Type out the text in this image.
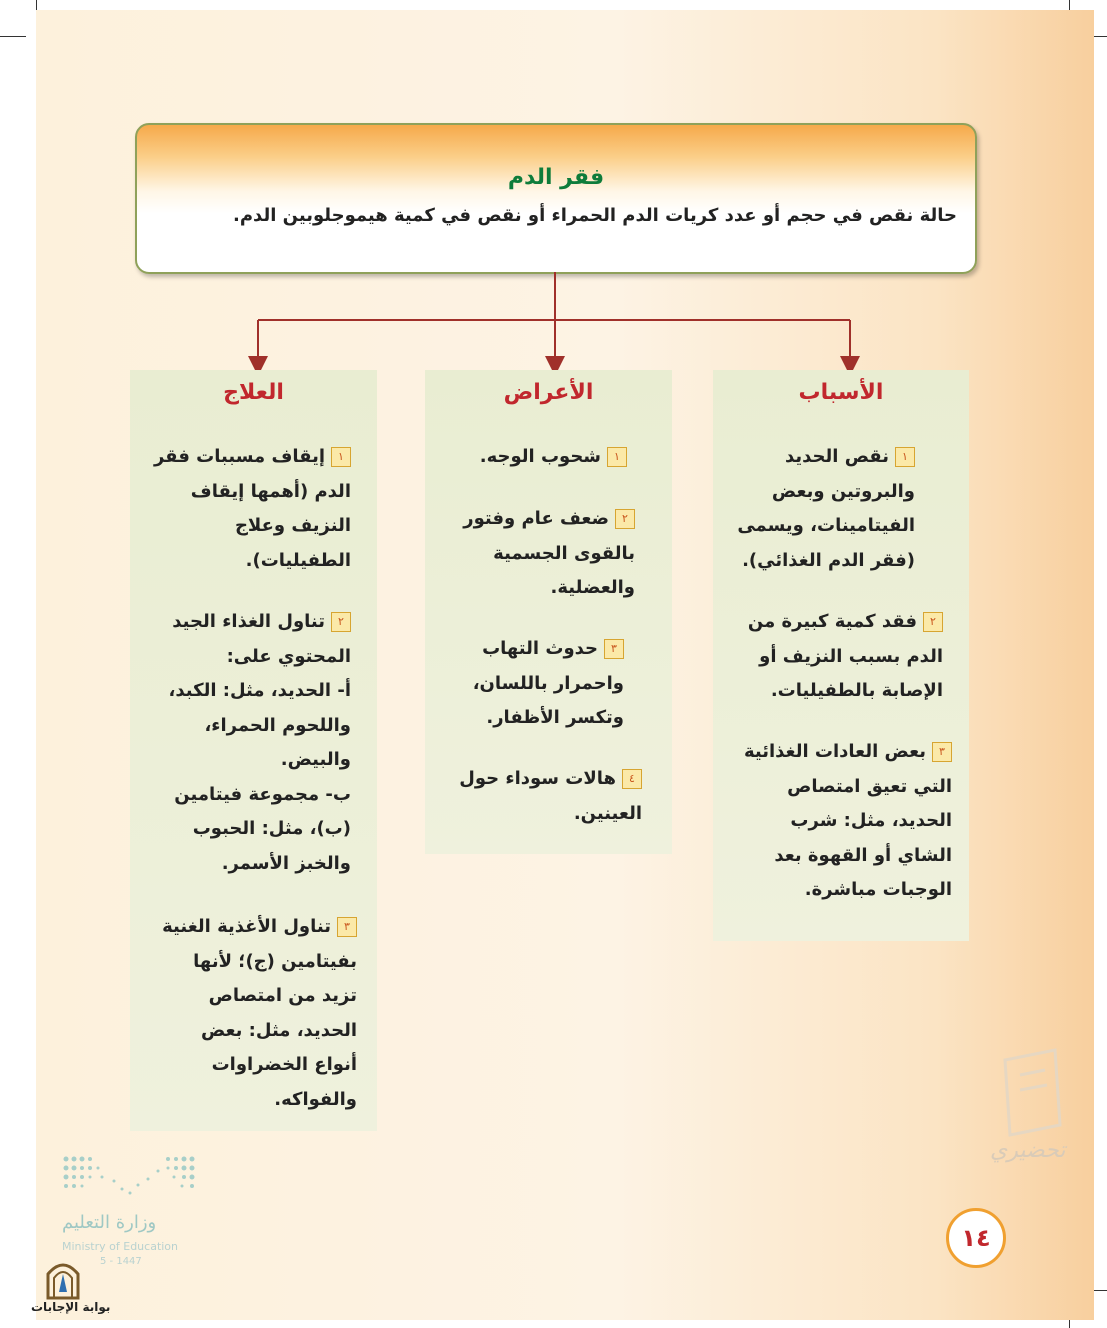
فقر الدم
حالة نقص في حجم أو عدد كريات الدم الحمراء أو نقص في كمية هيموجلوبين الدم.
الأسباب
١نقص الحديد
والبروتين وبعض
الفيتامينات، ويسمى
(فقر الدم الغذائي).
٢فقد كمية كبيرة من
الدم بسبب النزيف أو
الإصابة بالطفيليات.
٣بعض العادات الغذائية
التي تعيق امتصاص
الحديد، مثل: شرب
الشاي أو القهوة بعد
الوجبات مباشرة.
الأعراض
١شحوب الوجه.
٢ضعف عام وفتور
بالقوى الجسمية
والعضلية.
٣حدوث التهاب
واحمرار باللسان،
وتكسر الأظفار.
٤هالات سوداء حول
العينين.
العلاج
١إيقاف مسببات فقر
الدم (أهمها إيقاف
النزيف وعلاج
الطفيليات).
٢تناول الغذاء الجيد
المحتوي على:
أ- الحديد، مثل: الكبد،
واللحوم الحمراء،
والبيض.
ب- مجموعة فيتامين
(ب)، مثل: الحبوب
والخبز الأسمر.
٣تناول الأغذية الغنية
بفيتامين (ج)؛ لأنها
تزيد من امتصاص
الحديد، مثل: بعض
أنواع الخضراوات
والفواكه.
وزارة التعليم
Ministry of Education
5 - 1447
١٤
تحضيري
بوابة الإجابات
